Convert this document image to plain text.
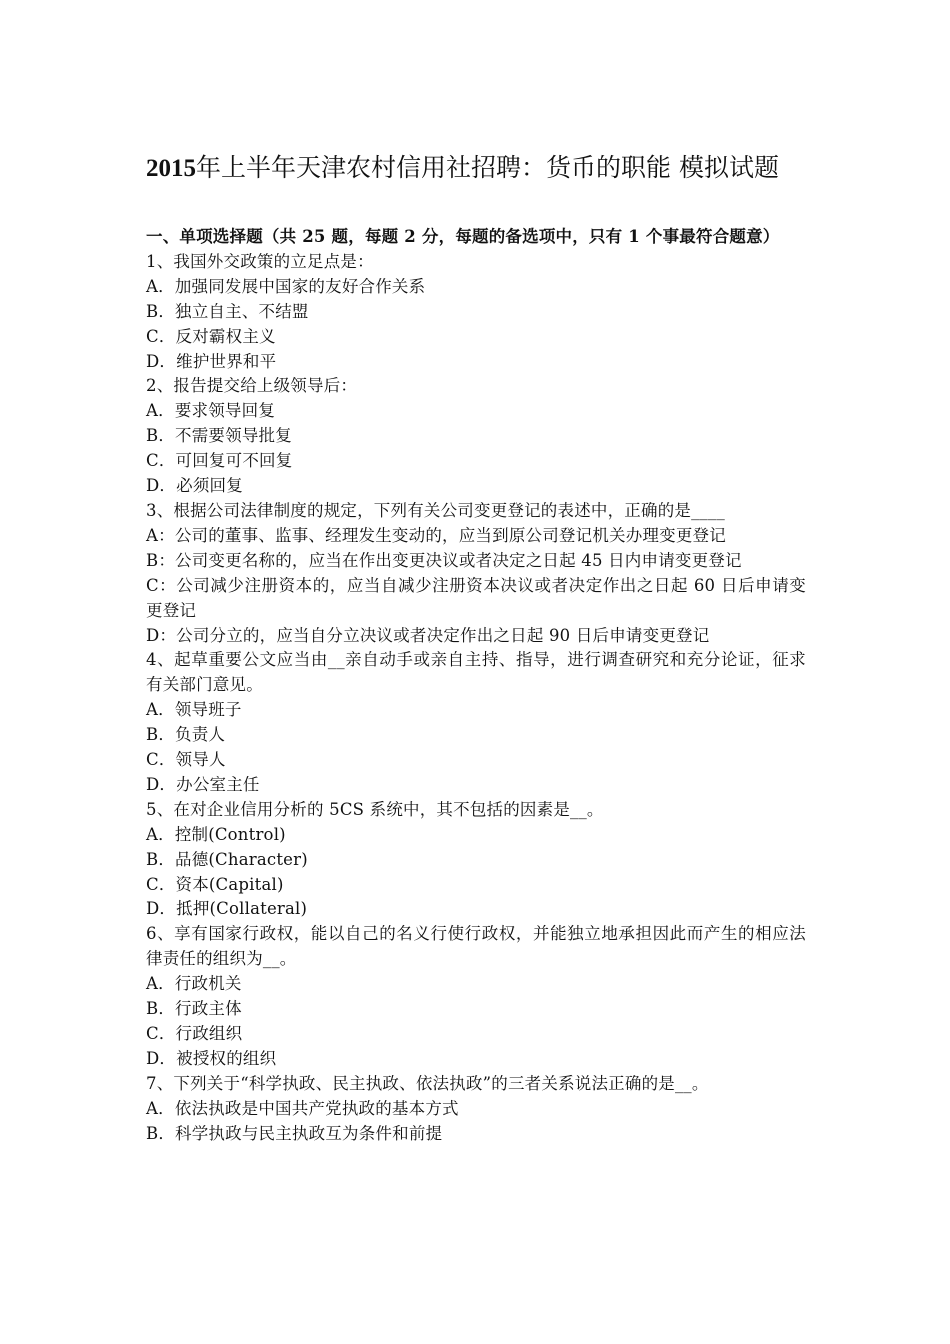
2015年上半年天津农村信用社招聘：货币的职能 模拟试题

一、单项选择题（共 25 题，每题 2 分，每题的备选项中，只有 1 个事最符合题意）

1、我国外交政策的立足点是：

A．加强同发展中国家的友好合作关系

B．独立自主、不结盟

C．反对霸权主义

D．维护世界和平

2、报告提交给上级领导后：

A．要求领导回复

B．不需要领导批复

C．可回复可不回复

D．必须回复

3、根据公司法律制度的规定，下列有关公司变更登记的表述中，正确的是____

A：公司的董事、监事、经理发生变动的，应当到原公司登记机关办理变更登记

B：公司变更名称的，应当在作出变更决议或者决定之日起 45 日内申请变更登记

C：公司减少注册资本的，应当自减少注册资本决议或者决定作出之日起 60 日后申请变更登记

D：公司分立的，应当自分立决议或者决定作出之日起 90 日后申请变更登记

4、起草重要公文应当由__亲自动手或亲自主持、指导，进行调查研究和充分论证，征求有关部门意见。

A．领导班子

B．负责人

C．领导人

D．办公室主任

5、在对企业信用分析的 5CS 系统中，其不包括的因素是__。

A．控制(Control)

B．品德(Character)

C．资本(Capital)

D．抵押(Collateral)

6、享有国家行政权，能以自己的名义行使行政权，并能独立地承担因此而产生的相应法律责任的组织为__。

A．行政机关

B．行政主体

C．行政组织

D．被授权的组织

7、下列关于“科学执政、民主执政、依法执政”的三者关系说法正确的是__。

A．依法执政是中国共产党执政的基本方式

B．科学执政与民主执政互为条件和前提
